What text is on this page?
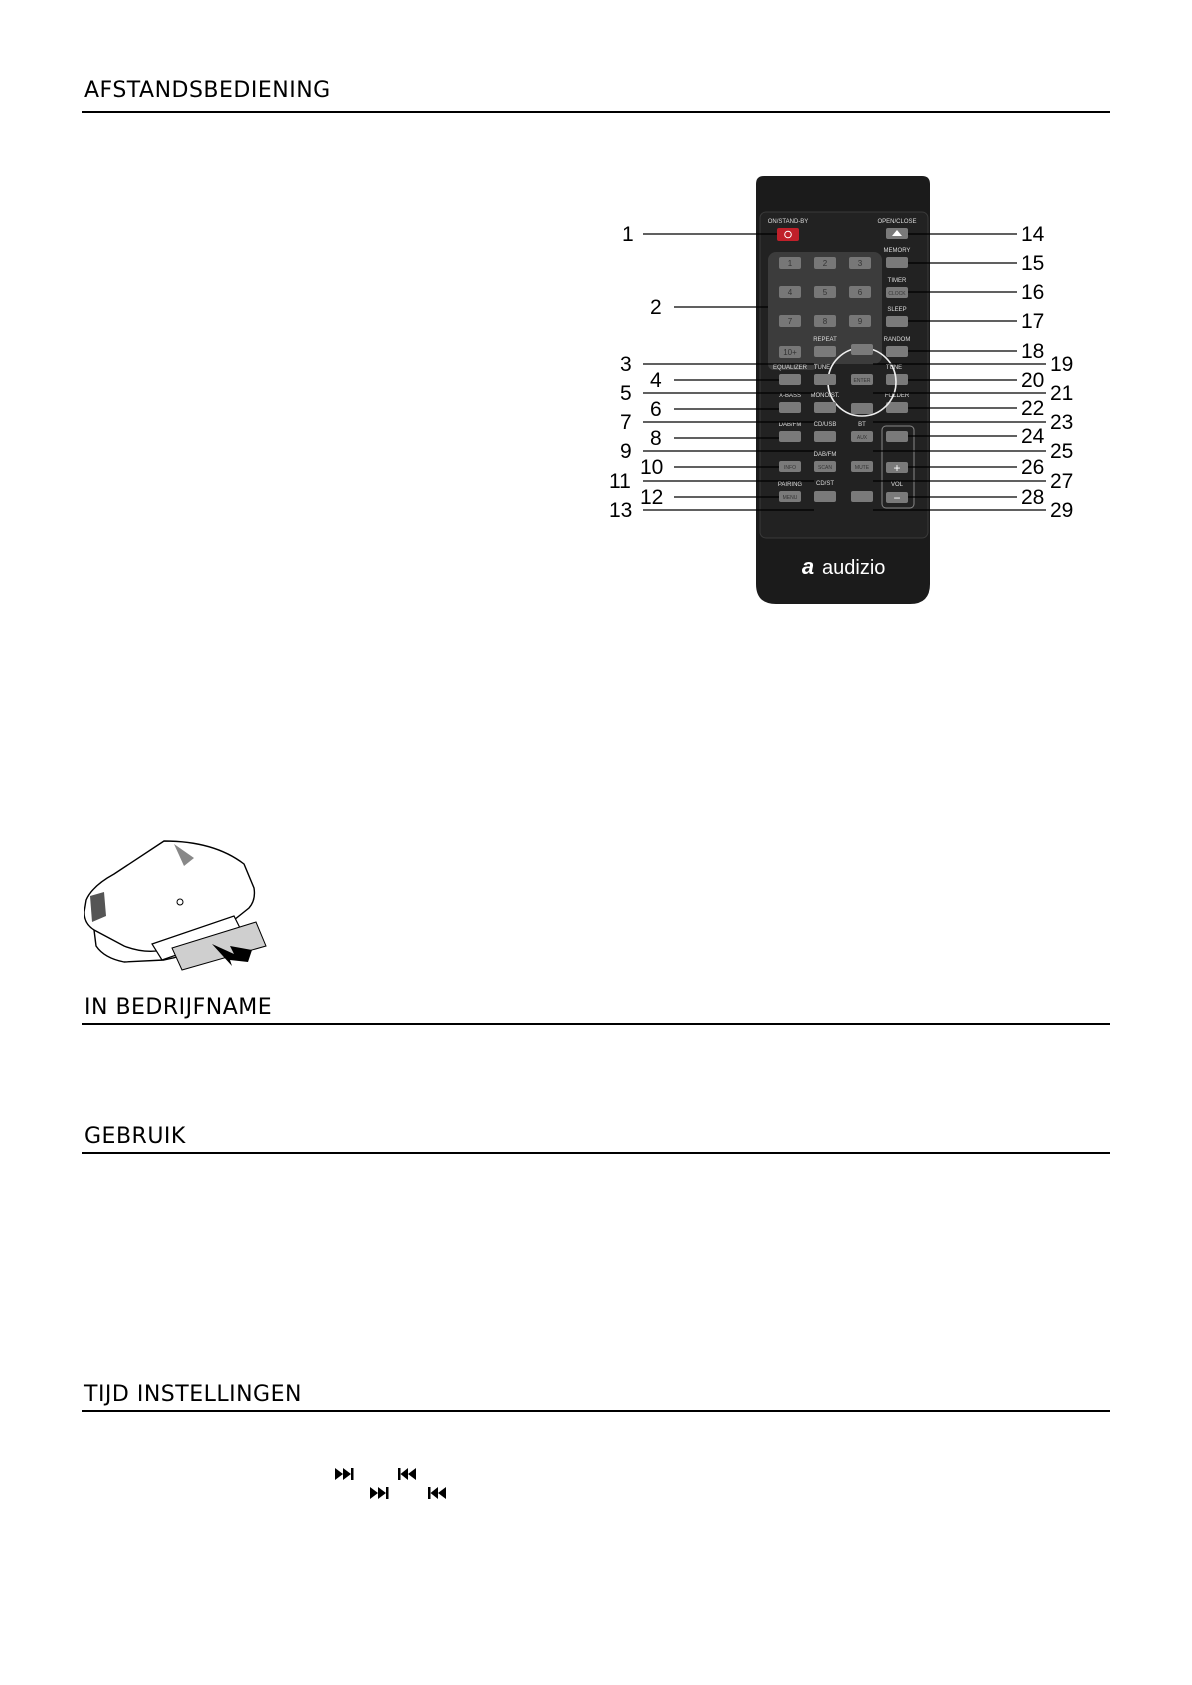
AFSTANDSBEDIENING
IN BEDRIJFNAME
GEBRUIK
TIJD INSTELLINGEN
ON/STAND-BY
1	2	3
4	5	6
7	8	9
10+
ENTER
+
−
OPEN/CLOSE
MEMORY
TIMER
SLEEP
RANDOM
REPEAT
EQUALIZER TUNE	TUNE
X-BASS MONO/ST.	FOLDER
DAB/FM CD/USB	BT
DAB/FM
CD/ST
PAIRING	VOL
CLOCK
AUX
INFO	SCAN	MUTE
MENU
a audizio
1
2
3
4
5
6
7
8
9
10
11
12
13
14
15
16
17
18
19
20
21
22
23
24
25
26
27
28
29
